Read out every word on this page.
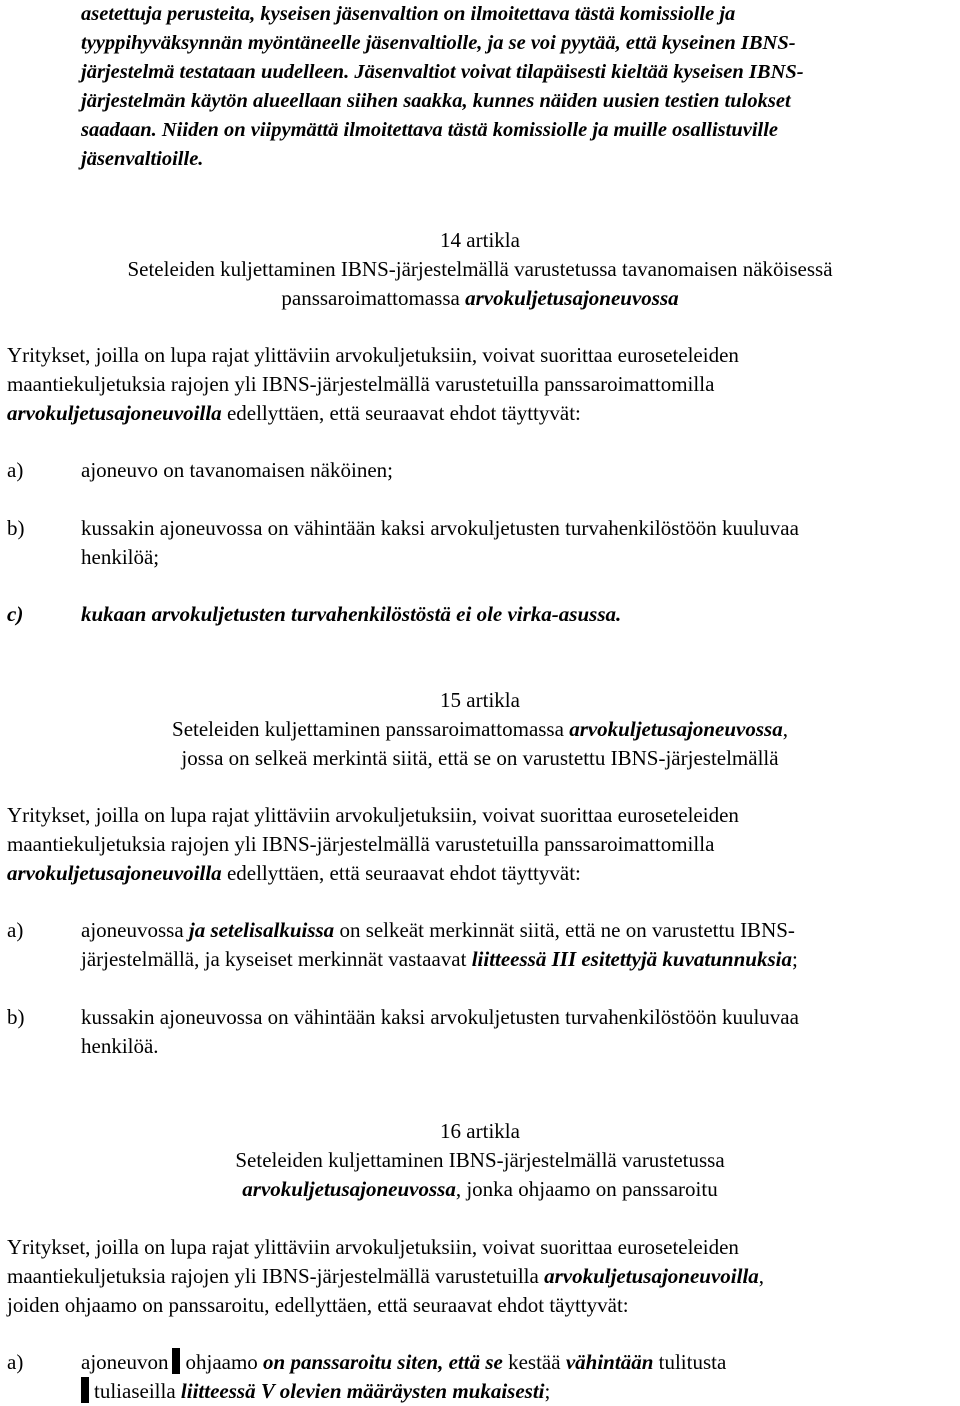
asetettuja perusteita, kyseisen jäsenvaltion on ilmoitettava tästä komissiolle ja
tyyppihyväksynnän myöntäneelle jäsenvaltiolle, ja se voi pyytää, että kyseinen IBNS-
järjestelmä testataan uudelleen. Jäsenvaltiot voivat tilapäisesti kieltää kyseisen IBNS-
järjestelmän käytön alueellaan siihen saakka, kunnes näiden uusien testien tulokset
saadaan. Niiden on viipymättä ilmoitettava tästä komissiolle ja muille osallistuville
jäsenvaltioille.
14 artikla
Seteleiden kuljettaminen IBNS-järjestelmällä varustetussa tavanomaisen näköisessä
panssaroimattomassa arvokuljetusajoneuvossa
Yritykset, joilla on lupa rajat ylittäviin arvokuljetuksiin, voivat suorittaa euroseteleiden
maantiekuljetuksia rajojen yli IBNS-järjestelmällä varustetuilla panssaroimattomilla
arvokuljetusajoneuvoilla edellyttäen, että seuraavat ehdot täyttyvät:
a)	ajoneuvo on tavanomaisen näköinen;
b)	kussakin ajoneuvossa on vähintään kaksi arvokuljetusten turvahenkilöstöön kuuluvaa
henkilöä;
c)	kukaan arvokuljetusten turvahenkilöstöstä ei ole virka-asussa.
15 artikla
Seteleiden kuljettaminen panssaroimattomassa arvokuljetusajoneuvossa,
jossa on selkeä merkintä siitä, että se on varustettu IBNS-järjestelmällä
Yritykset, joilla on lupa rajat ylittäviin arvokuljetuksiin, voivat suorittaa euroseteleiden
maantiekuljetuksia rajojen yli IBNS-järjestelmällä varustetuilla panssaroimattomilla
arvokuljetusajoneuvoilla edellyttäen, että seuraavat ehdot täyttyvät:
a)	ajoneuvossa ja setelisalkuissa on selkeät merkinnät siitä, että ne on varustettu IBNS-
järjestelmällä, ja kyseiset merkinnät vastaavat liitteessä III esitettyjä kuvatunnuksia;
b)	kussakin ajoneuvossa on vähintään kaksi arvokuljetusten turvahenkilöstöön kuuluvaa
henkilöä.
16 artikla
Seteleiden kuljettaminen IBNS-järjestelmällä varustetussa
arvokuljetusajoneuvossa, jonka ohjaamo on panssaroitu
Yritykset, joilla on lupa rajat ylittäviin arvokuljetuksiin, voivat suorittaa euroseteleiden
maantiekuljetuksia rajojen yli IBNS-järjestelmällä varustetuilla arvokuljetusajoneuvoilla,
joiden ohjaamo on panssaroitu, edellyttäen, että seuraavat ehdot täyttyvät:
a)	ajoneuvon ohjaamo on panssaroitu siten, että se kestää vähintään tulitusta
tuliaseilla liitteessä V olevien määräysten mukaisesti;
